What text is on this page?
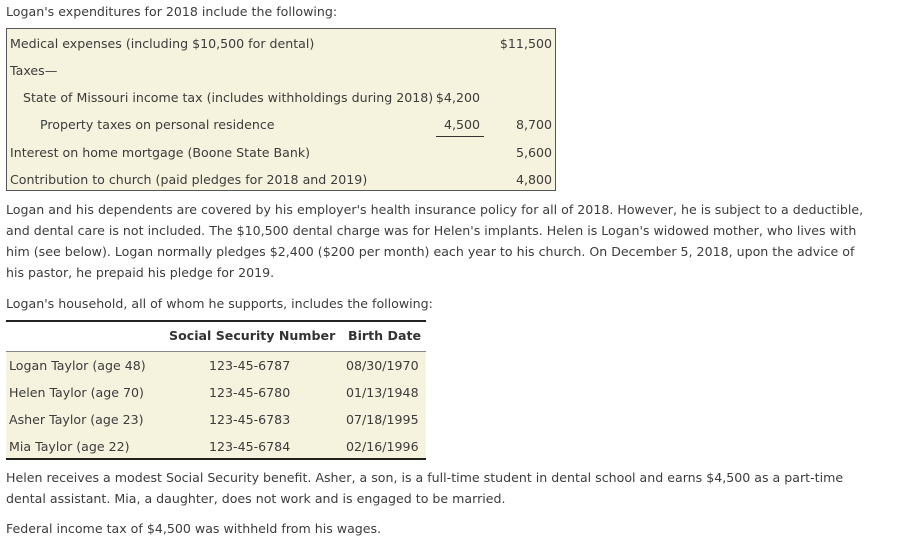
Logan's expenditures for 2018 include the following:

Medical expenses (including $10,500 for dental)	$11,500
Taxes—
State of Missouri income tax (includes withholdings during 2018) $4,200
Property taxes on personal residence	4,500	8,700
Interest on home mortgage (Boone State Bank)	5,600
Contribution to church (paid pledges for 2018 and 2019)	4,800

Logan and his dependents are covered by his employer's health insurance policy for all of 2018. However, he is subject to a deductible, and dental care is not included. The $10,500 dental charge was for Helen's implants. Helen is Logan's widowed mother, who lives with him (see below). Logan normally pledges $2,400 ($200 per month) each year to his church. On December 5, 2018, upon the advice of his pastor, he prepaid his pledge for 2019.

Logan's household, all of whom he supports, includes the following:

Social Security Number Birth Date
Logan Taylor (age 48)	123-45-6787	08/30/1970
Helen Taylor (age 70)	123-45-6780	01/13/1948
Asher Taylor (age 23)	123-45-6783	07/18/1995
Mia Taylor (age 22)	123-45-6784	02/16/1996

Helen receives a modest Social Security benefit. Asher, a son, is a full-time student in dental school and earns $4,500 as a part-time dental assistant. Mia, a daughter, does not work and is engaged to be married.

Federal income tax of $4,500 was withheld from his wages.
